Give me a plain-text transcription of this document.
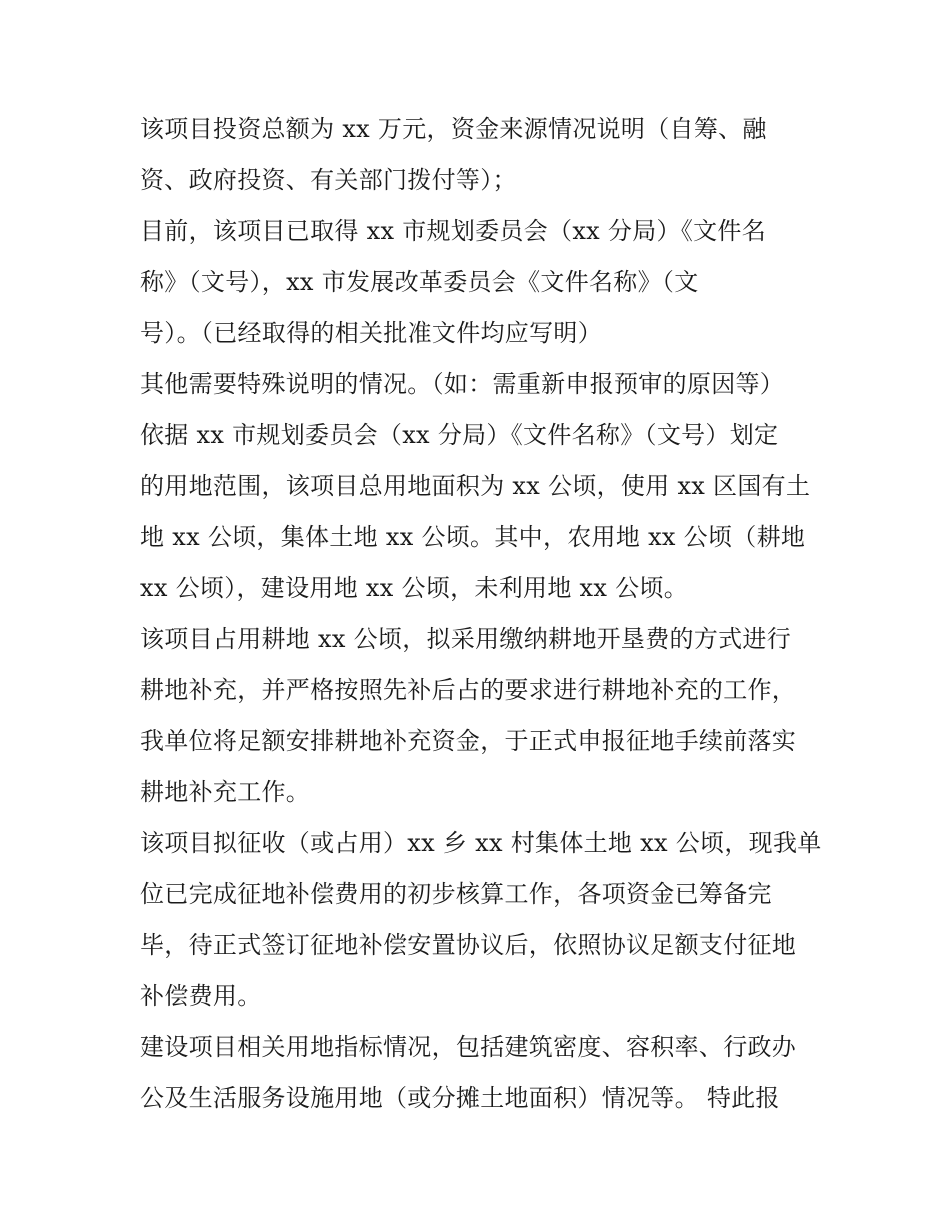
该项目投资总额为 xx 万元，资金来源情况说明（自筹、融
资、政府投资、有关部门拨付等）；
目前，该项目已取得 xx 市规划委员会（xx 分局）《文件名
称》（文号），xx 市发展改革委员会《文件名称》（文
号）。（已经取得的相关批准文件均应写明）
其他需要特殊说明的情况。（如：需重新申报预审的原因等）
依据 xx 市规划委员会（xx 分局）《文件名称》（文号）划定
的用地范围，该项目总用地面积为 xx 公顷，使用 xx 区国有土
地 xx 公顷，集体土地 xx 公顷。其中，农用地 xx 公顷（耕地
xx 公顷），建设用地 xx 公顷，未利用地 xx 公顷。
该项目占用耕地 xx 公顷，拟采用缴纳耕地开垦费的方式进行
耕地补充，并严格按照先补后占的要求进行耕地补充的工作，
我单位将足额安排耕地补充资金，于正式申报征地手续前落实
耕地补充工作。
该项目拟征收（或占用）xx 乡 xx 村集体土地 xx 公顷，现我单
位已完成征地补偿费用的初步核算工作，各项资金已筹备完
毕，待正式签订征地补偿安置协议后，依照协议足额支付征地
补偿费用。
建设项目相关用地指标情况，包括建筑密度、容积率、行政办
公及生活服务设施用地（或分摊土地面积）情况等。 特此报
